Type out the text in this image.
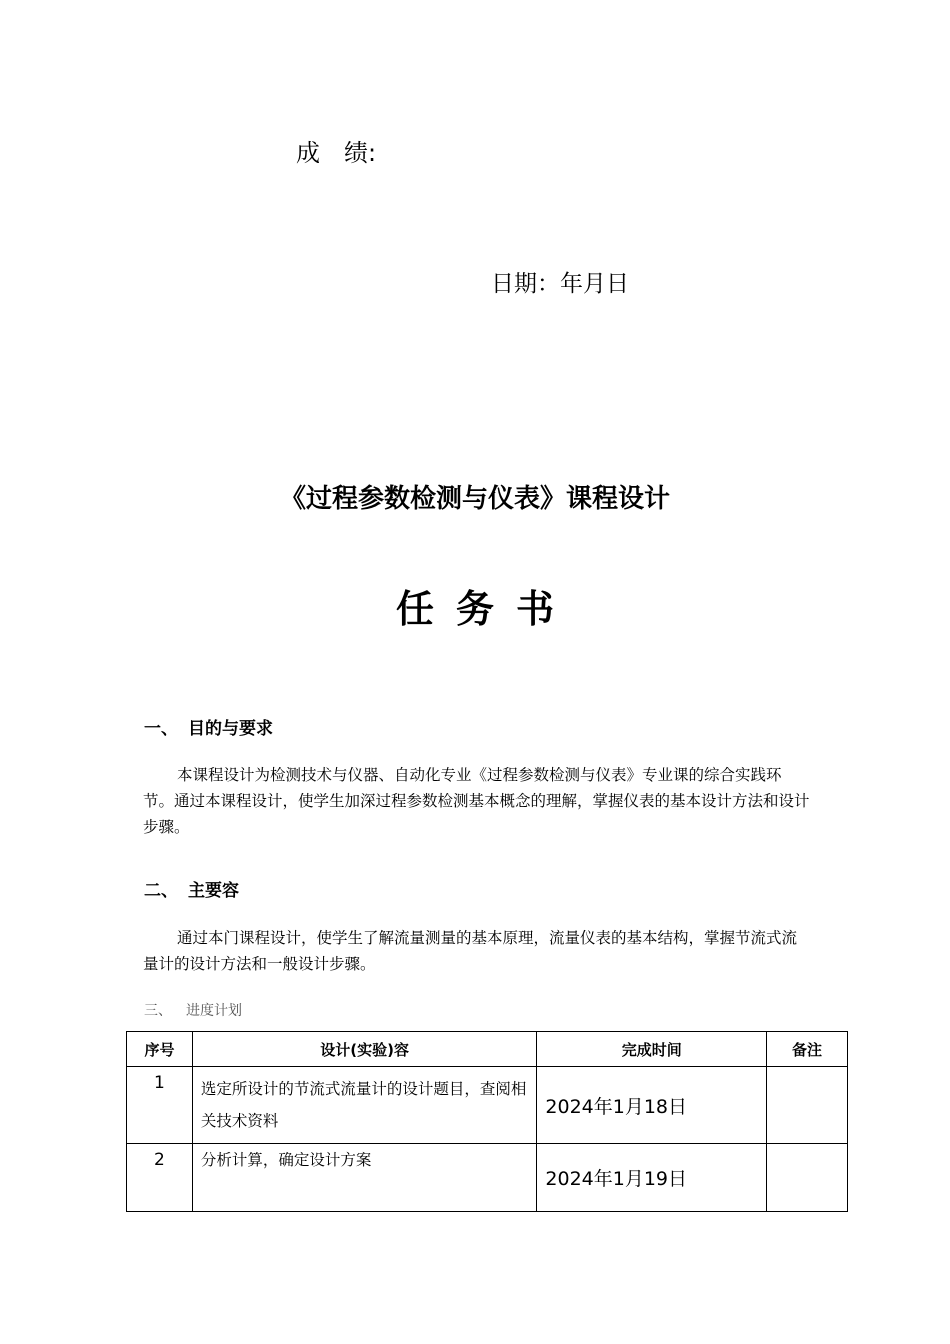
成　绩:
日期：年月日
《过程参数检测与仪表》课程设计
任务书
一、 目的与要求
本课程设计为检测技术与仪器、自动化专业《过程参数检测与仪表》专业课的综合实践环节。通过本课程设计，使学生加深过程参数检测基本概念的理解，掌握仪表的基本设计方法和设计步骤。
二、 主要容
通过本门课程设计，使学生了解流量测量的基本原理，流量仪表的基本结构，掌握节流式流量计的设计方法和一般设计步骤。
三、 进度计划
序号	设计(实验)容	完成时间	备注
1	选定所设计的节流式流量计的设计题目，查阅相关技术资料	2024年1月18日	
2	分析计算，确定设计方案	2024年1月19日	
